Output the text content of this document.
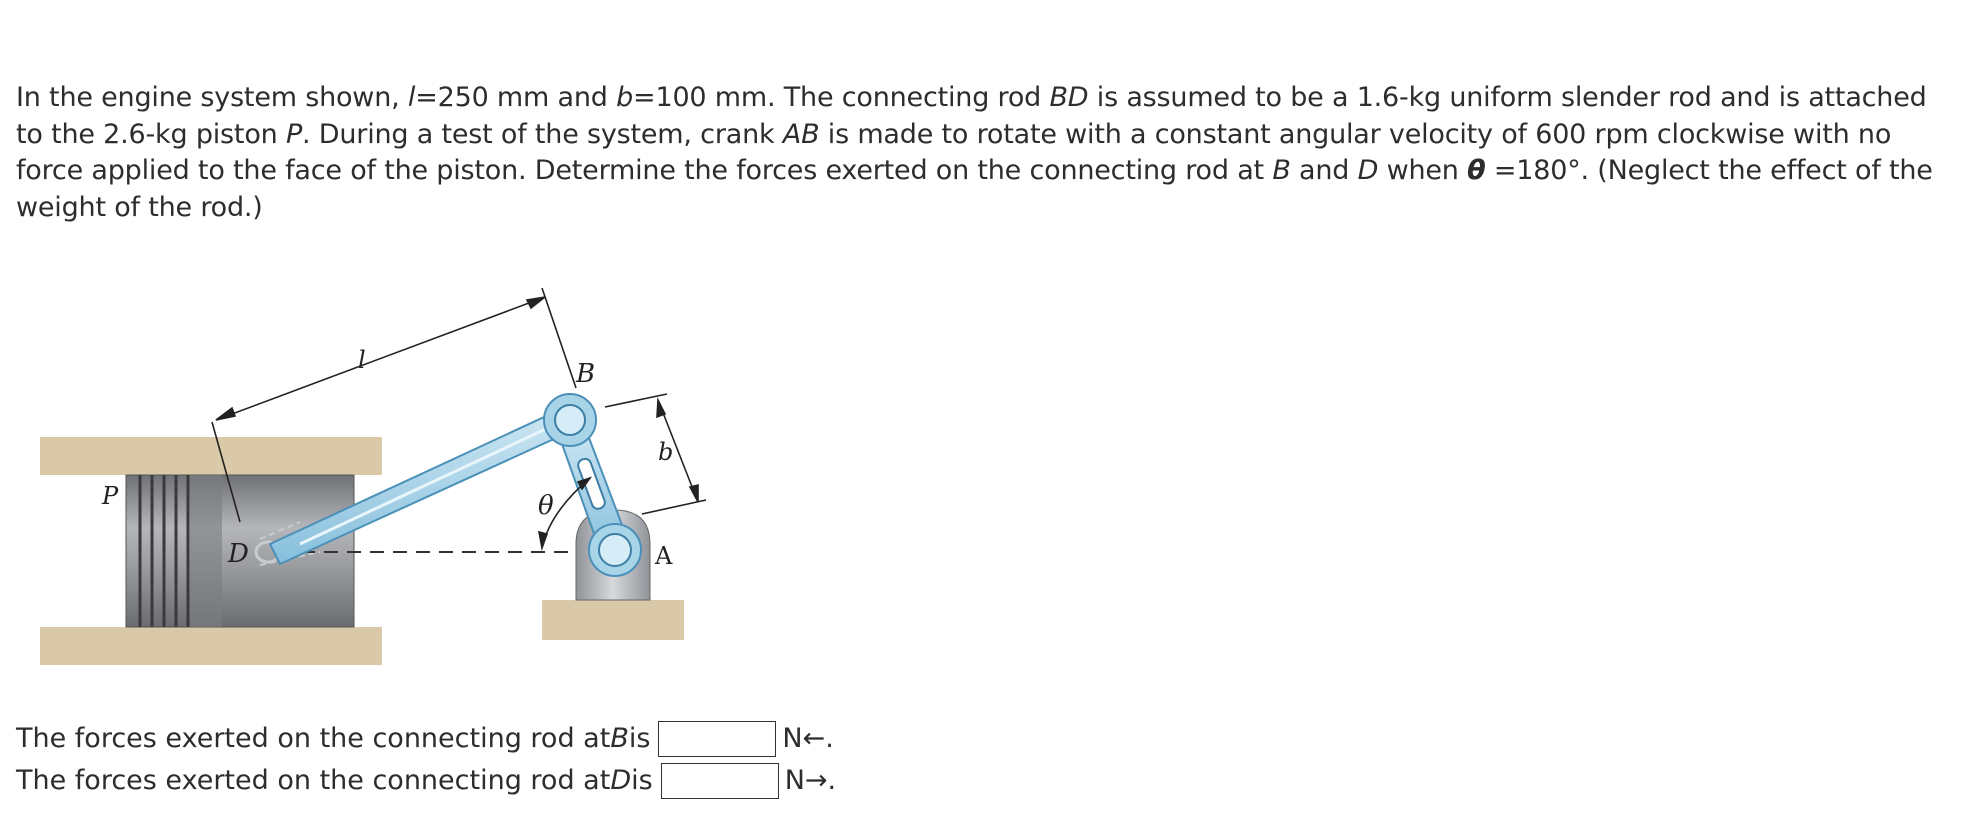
In the engine system shown, l=250 mm and b=100 mm. The connecting rod BD is assumed to be a 1.6-kg uniform slender rod and is attached to the 2.6-kg piston P. During a test of the system, crank AB is made to rotate with a constant angular velocity of 600 rpm clockwise with no force applied to the face of the piston. Determine the forces exerted on the connecting rod at B and D when θ =180°. (Neglect the effect of the weight of the rod.)
l
b
B
P
D
θ
A
The forces exerted on the connecting rod at B is	N←.
The forces exerted on the connecting rod at D is	N→.
